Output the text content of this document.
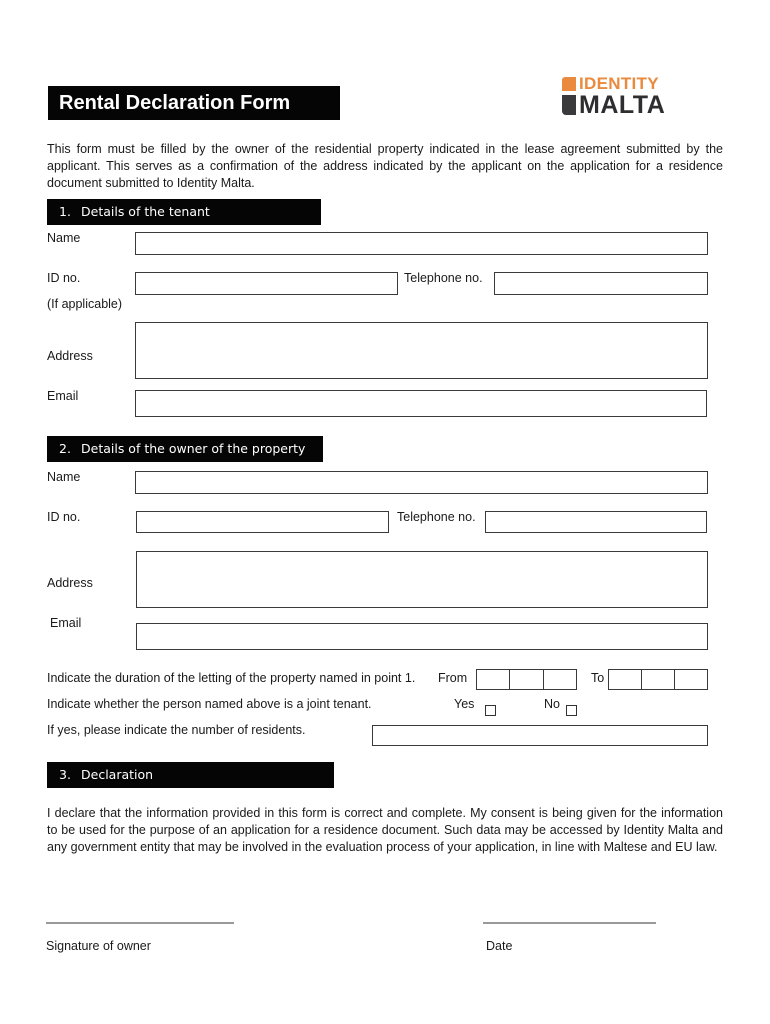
Rental Declaration Form
IDENTITY
MALTA
This form must be filled by the owner of the residential property indicated in the lease agreement submitted by the applicant. This serves as a confirmation of the address indicated by the applicant on the application for a residence document submitted to Identity Malta.
1. Details of the tenant
Name
ID no.	Telephone no.
(If applicable)
Address
Email
2. Details of the owner of the property
Name
ID no.	Telephone no.
Address
Email
Indicate the duration of the letting of the property named in point 1. From	To
Indicate whether the person named above is a joint tenant.	Yes	No
If yes, please indicate the number of residents.
3. Declaration
I declare that the information provided in this form is correct and complete. My consent is being given for the information to be used for the purpose of an application for a residence document. Such data may be accessed by Identity Malta and any government entity that may be involved in the evaluation process of your application, in line with Maltese and EU law.
Signature of owner	Date
